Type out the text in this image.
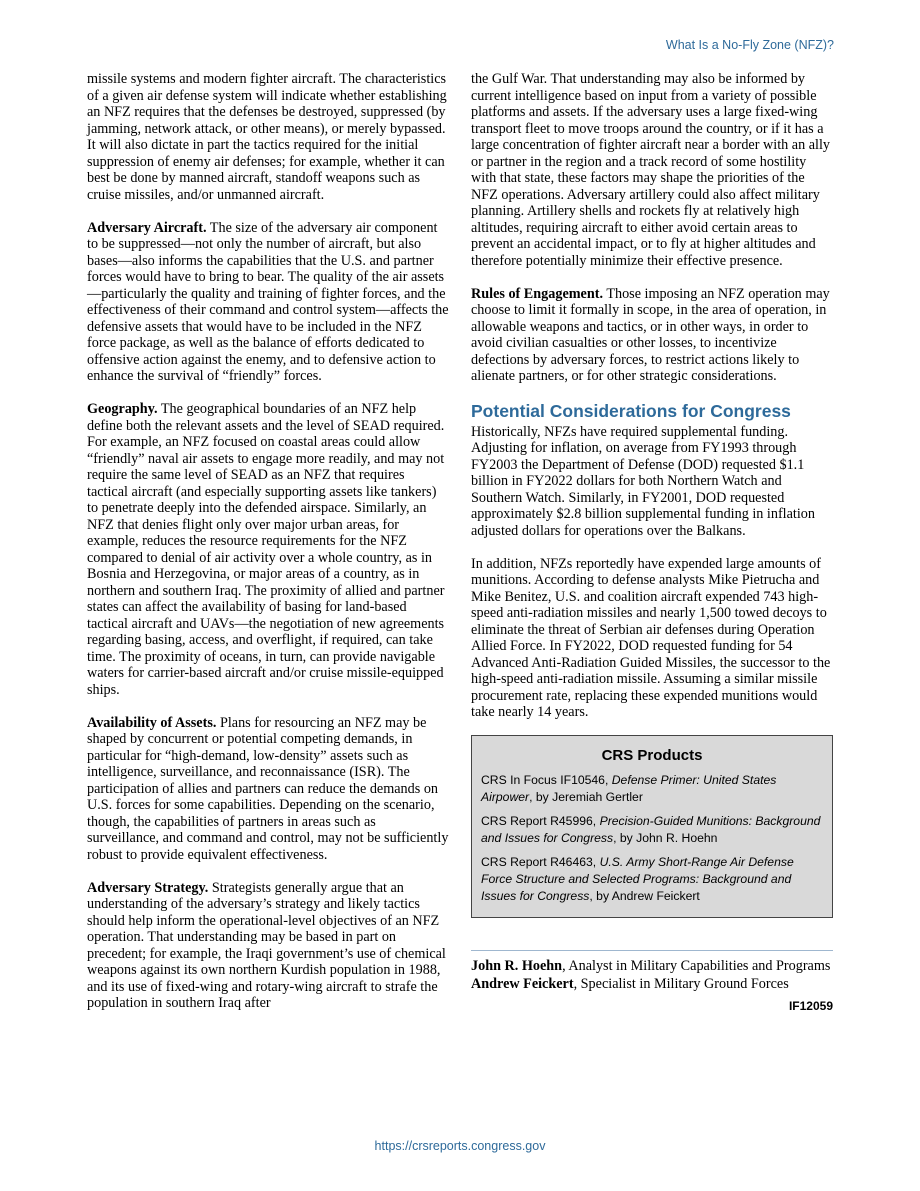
What Is a No-Fly Zone (NFZ)?

missile systems and modern fighter aircraft. The characteristics of a given air defense system will indicate whether establishing an NFZ requires that the defenses be destroyed, suppressed (by jamming, network attack, or other means), or merely bypassed. It will also dictate in part the tactics required for the initial suppression of enemy air defenses; for example, whether it can best be done by manned aircraft, standoff weapons such as cruise missiles, and/or unmanned aircraft.

Adversary Aircraft. The size of the adversary air component to be suppressed—not only the number of aircraft, but also bases—also informs the capabilities that the U.S. and partner forces would have to bring to bear. The quality of the air assets—particularly the quality and training of fighter forces, and the effectiveness of their command and control system—affects the defensive assets that would have to be included in the NFZ force package, as well as the balance of efforts dedicated to offensive action against the enemy, and to defensive action to enhance the survival of “friendly” forces.

Geography. The geographical boundaries of an NFZ help define both the relevant assets and the level of SEAD required. For example, an NFZ focused on coastal areas could allow “friendly” naval air assets to engage more readily, and may not require the same level of SEAD as an NFZ that requires tactical aircraft (and especially supporting assets like tankers) to penetrate deeply into the defended airspace. Similarly, an NFZ that denies flight only over major urban areas, for example, reduces the resource requirements for the NFZ compared to denial of air activity over a whole country, as in Bosnia and Herzegovina, or major areas of a country, as in northern and southern Iraq. The proximity of allied and partner states can affect the availability of basing for land-based tactical aircraft and UAVs—the negotiation of new agreements regarding basing, access, and overflight, if required, can take time. The proximity of oceans, in turn, can provide navigable waters for carrier-based aircraft and/or cruise missile-equipped ships.

Availability of Assets. Plans for resourcing an NFZ may be shaped by concurrent or potential competing demands, in particular for “high-demand, low-density” assets such as intelligence, surveillance, and reconnaissance (ISR). The participation of allies and partners can reduce the demands on U.S. forces for some capabilities. Depending on the scenario, though, the capabilities of partners in areas such as surveillance, and command and control, may not be sufficiently robust to provide equivalent effectiveness.

Adversary Strategy. Strategists generally argue that an understanding of the adversary’s strategy and likely tactics should help inform the operational-level objectives of an NFZ operation. That understanding may be based in part on precedent; for example, the Iraqi government’s use of chemical weapons against its own northern Kurdish population in 1988, and its use of fixed-wing and rotary-wing aircraft to strafe the population in southern Iraq after

the Gulf War. That understanding may also be informed by current intelligence based on input from a variety of possible platforms and assets. If the adversary uses a large fixed-wing transport fleet to move troops around the country, or if it has a large concentration of fighter aircraft near a border with an ally or partner in the region and a track record of some hostility with that state, these factors may shape the priorities of the NFZ operations. Adversary artillery could also affect military planning. Artillery shells and rockets fly at relatively high altitudes, requiring aircraft to either avoid certain areas to prevent an accidental impact, or to fly at higher altitudes and therefore potentially minimize their effective presence.

Rules of Engagement. Those imposing an NFZ operation may choose to limit it formally in scope, in the area of operation, in allowable weapons and tactics, or in other ways, in order to avoid civilian casualties or other losses, to incentivize defections by adversary forces, to restrict actions likely to alienate partners, or for other strategic considerations.

Potential Considerations for Congress

Historically, NFZs have required supplemental funding. Adjusting for inflation, on average from FY1993 through FY2003 the Department of Defense (DOD) requested $1.1 billion in FY2022 dollars for both Northern Watch and Southern Watch. Similarly, in FY2001, DOD requested approximately $2.8 billion supplemental funding in inflation adjusted dollars for operations over the Balkans.

In addition, NFZs reportedly have expended large amounts of munitions. According to defense analysts Mike Pietrucha and Mike Benitez, U.S. and coalition aircraft expended 743 high-speed anti-radiation missiles and nearly 1,500 towed decoys to eliminate the threat of Serbian air defenses during Operation Allied Force. In FY2022, DOD requested funding for 54 Advanced Anti-Radiation Guided Missiles, the successor to the high-speed anti-radiation missile. Assuming a similar missile procurement rate, replacing these expended munitions would take nearly 14 years.

CRS Products
CRS In Focus IF10546, Defense Primer: United States Airpower, by Jeremiah Gertler
CRS Report R45996, Precision-Guided Munitions: Background and Issues for Congress, by John R. Hoehn
CRS Report R46463, U.S. Army Short-Range Air Defense Force Structure and Selected Programs: Background and Issues for Congress, by Andrew Feickert
John R. Hoehn, Analyst in Military Capabilities and Programs
Andrew Feickert, Specialist in Military Ground Forces
IF12059
https://crsreports.congress.gov
